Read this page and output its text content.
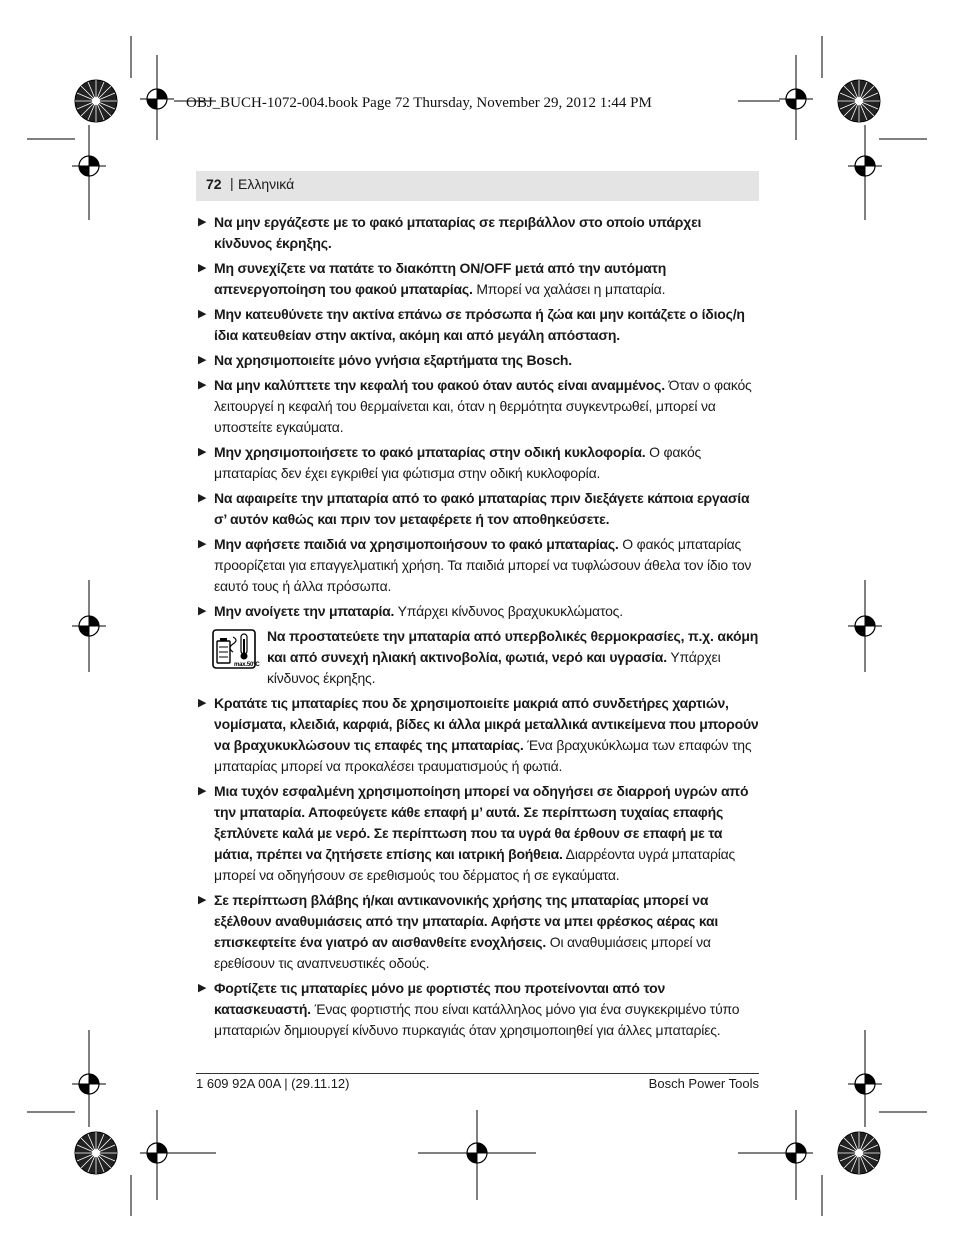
OBJ_BUCH-1072-004.book Page 72 Thursday, November 29, 2012 1:44 PM
72 | Ελληνικά
▶ Να μην εργάζεστε με το φακό μπαταρίας σε περιβάλλον στο οποίο υπάρχει κίνδυνος έκρηξης.
▶ Μη συνεχίζετε να πατάτε το διακόπτη ON/OFF μετά από την αυτόματη απενεργοποίηση του φακού μπαταρίας. Μπορεί να χαλάσει η μπαταρία.
▶ Μην κατευθύνετε την ακτίνα επάνω σε πρόσωπα ή ζώα και μην κοιτάζετε ο ίδιος/η ίδια κατευθείαν στην ακτίνα, ακόμη και από μεγάλη απόσταση.
▶ Να χρησιμοποιείτε μόνο γνήσια εξαρτήματα της Bosch.
▶ Να μην καλύπτετε την κεφαλή του φακού όταν αυτός είναι αναμμένος. Όταν ο φακός λειτουργεί η κεφαλή του θερμαίνεται και, όταν η θερμότητα συγκεντρωθεί, μπορεί να υποστείτε εγκαύματα.
▶ Μην χρησιμοποιήσετε το φακό μπαταρίας στην οδική κυκλοφορία. Ο φακός μπαταρίας δεν έχει εγκριθεί για φώτισμα στην οδική κυκλοφορία.
▶ Να αφαιρείτε την μπαταρία από το φακό μπαταρίας πριν διεξάγετε κάποια εργασία σ’ αυτόν καθώς και πριν τον μεταφέρετε ή τον αποθηκεύσετε.
▶ Μην αφήσετε παιδιά να χρησιμοποιήσουν το φακό μπαταρίας. Ο φακός μπαταρίας προορίζεται για επαγγελματική χρήση. Τα παιδιά μπορεί να τυφλώσουν άθελα τον ίδιο τον εαυτό τους ή άλλα πρόσωπα.
▶ Μην ανοίγετε την μπαταρία. Υπάρχει κίνδυνος βραχυκυκλώματος.
max.50°C
Να προστατεύετε την μπαταρία από υπερβολικές θερμοκρασίες, π.χ. ακόμη και από συνεχή ηλιακή ακτινοβολία, φωτιά, νερό και υγρασία. Υπάρχει κίνδυνος έκρηξης.
▶ Κρατάτε τις μπαταρίες που δε χρησιμοποιείτε μακριά από συνδετήρες χαρτιών, νομίσματα, κλειδιά, καρφιά, βίδες κι άλλα μικρά μεταλλικά αντικείμενα που μπορούν να βραχυκυκλώσουν τις επαφές της μπαταρίας. Ένα βραχυκύκλωμα των επαφών της μπαταρίας μπορεί να προκαλέσει τραυματισμούς ή φωτιά.
▶ Μια τυχόν εσφαλμένη χρησιμοποίηση μπορεί να οδηγήσει σε διαρροή υγρών από την μπαταρία. Αποφεύγετε κάθε επαφή μ’ αυτά. Σε περίπτωση τυχαίας επαφής ξεπλύνετε καλά με νερό. Σε περίπτωση που τα υγρά θα έρθουν σε επαφή με τα μάτια, πρέπει να ζητήσετε επίσης και ιατρική βοήθεια. Διαρρέοντα υγρά μπαταρίας μπορεί να οδηγήσουν σε ερεθισμούς του δέρματος ή σε εγκαύματα.
▶ Σε περίπτωση βλάβης ή/και αντικανονικής χρήσης της μπαταρίας μπορεί να εξέλθουν αναθυμιάσεις από την μπαταρία. Αφήστε να μπει φρέσκος αέρας και επισκεφτείτε ένα γιατρό αν αισθανθείτε ενοχλήσεις. Οι αναθυμιάσεις μπορεί να ερεθίσουν τις αναπνευστικές οδούς.
▶ Φορτίζετε τις μπαταρίες μόνο με φορτιστές που προτείνονται από τον κατασκευαστή. Ένας φορτιστής που είναι κατάλληλος μόνο για ένα συγκεκριμένο τύπο μπαταριών δημιουργεί κίνδυνο πυρκαγιάς όταν χρησιμοποιηθεί για άλλες μπαταρίες.
1 609 92A 00A | (29.11.12)	Bosch Power Tools
